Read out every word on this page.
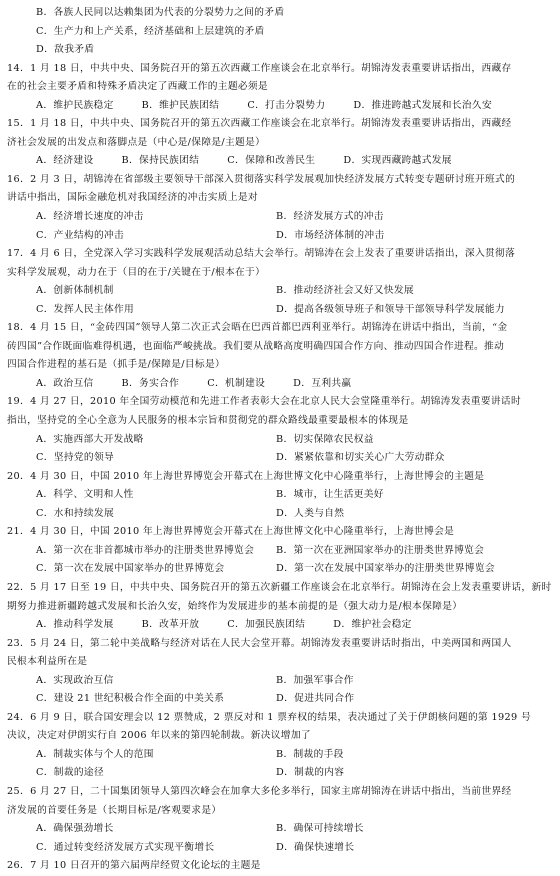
B．各族人民同以达赖集团为代表的分裂势力之间的矛盾
C．生产力和上产关系，经济基础和上层建筑的矛盾
D．敌我矛盾
14．1 月 18 日，中共中央、国务院召开的第五次西藏工作座谈会在北京举行。胡锦涛发表重要讲话指出，西藏存
在的社会主要矛盾和特殊矛盾决定了西藏工作的主题必须是
A．维护民族稳定	B．维护民族团结	C．打击分裂势力	D．推进跨越式发展和长治久安
15．1 月 18 日，中共中央、国务院召开的第五次西藏工作座谈会在北京举行。胡锦涛发表重要讲话指出，西藏经
济社会发展的出发点和落脚点是（中心是/保障是/主题是）
A．经济建设	B．保持民族团结	C．保障和改善民生	D．实现西藏跨越式发展
16．2 月 3 日，胡锦涛在省部级主要领导干部深入贯彻落实科学发展观加快经济发展方式转变专题研讨班开班式的
讲话中指出，国际金融危机对我国经济的冲击实质上是对
A．经济增长速度的冲击	B．经济发展方式的冲击
C．产业结构的冲击	D．市场经济体制的冲击
17．4 月 6 日，全党深入学习实践科学发展观活动总结大会举行。胡锦涛在会上发表了重要讲话指出，深入贯彻落
实科学发展观，动力在于（目的在于/关键在于/根本在于）
A．创新体制机制	B．推动经济社会又好又快发展
C．发挥人民主体作用	D．提高各级领导班子和领导干部领导科学发展能力
18．4 月 15 日，“金砖四国”领导人第二次正式会晤在巴西首都巴西利亚举行。胡锦涛在讲话中指出，当前，“金
砖四国”合作既面临难得机遇，也面临严峻挑战。我们要从战略高度明确四国合作方向、推动四国合作进程。推动
四国合作进程的基石是（抓手是/保障是/目标是）
A．政治互信	B．务实合作	C．机制建设	D．互利共赢
19．4 月 27 日，2010 年全国劳动模范和先进工作者表彰大会在北京人民大会堂隆重举行。胡锦涛发表重要讲话时
指出，坚持党的全心全意为人民服务的根本宗旨和贯彻党的群众路线最重要最根本的体现是
A．实施西部大开发战略	B．切实保障农民权益
C．坚持党的领导	D．紧紧依靠和切实关心广大劳动群众
20．4 月 30 日，中国 2010 年上海世界博览会开幕式在上海世博文化中心隆重举行，上海世博会的主题是
A．科学、文明和人性	B．城市，让生活更美好
C．水和持续发展	D．人类与自然
21．4 月 30 日，中国 2010 年上海世界博览会开幕式在上海世博文化中心隆重举行，上海世博会是
A．第一次在非首都城市举办的注册类世界博览会 B．第一次在亚洲国家举办的注册类世界博览会
C．第一次在发展中国家举办的世界博览会	D．第一次在发展中国家举办的注册类世界博览会
22．5 月 17 日至 19 日，中共中央、国务院召开的第五次新疆工作座谈会在北京举行。胡锦涛在会上发表重要讲话，新时
期努力推进新疆跨越式发展和长治久安，始终作为发展进步的基本前提的是（强大动力是/根本保障是）
A．推动科学发展	B．改革开放	C．加强民族团结	D．维护社会稳定
23．5 月 24 日，第二轮中美战略与经济对话在人民大会堂开幕。胡锦涛发表重要讲话时指出，中美两国和两国人
民根本利益所在是
A．实现政治互信	B．加强军事合作
C．建设 21 世纪积极合作全面的中美关系	D．促进共同合作
24．6 月 9 日，联合国安理会以 12 票赞成，2 票反对和 1 票弃权的结果，表决通过了关于伊朗核问题的第 1929 号
决议，决定对伊朗实行自 2006 年以来的第四轮制裁。新决议增加了
A．制裁实体与个人的范围	B．制裁的手段
C．制裁的途径	D．制裁的内容
25．6 月 27 日，二十国集团领导人第四次峰会在加拿大多伦多举行，国家主席胡锦涛在讲话中指出，当前世界经
济发展的首要任务是（长期目标是/客观要求是）
A．确保强劲增长	B．确保可持续增长
C．通过转变经济发展方式实现平衡增长	D．确保快速增长
26．7 月 10 日召开的第六届两岸经贸文化论坛的主题是
